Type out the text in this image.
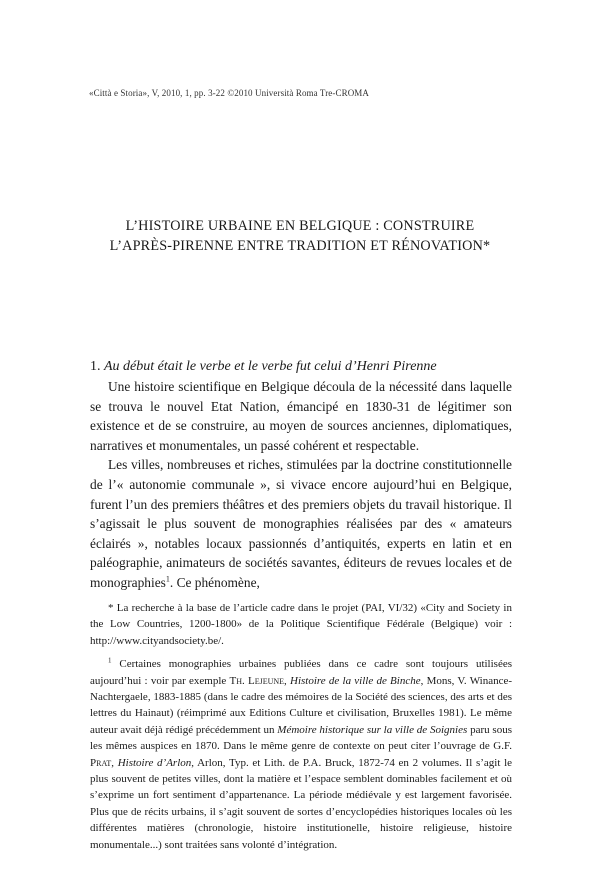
«Città e Storia», V, 2010, 1, pp. 3-22 ©2010 Università Roma Tre-CROMA
L’HISTOIRE URBAINE EN BELGIQUE : CONSTRUIRE
L’APRÈS-PIRENNE ENTRE TRADITION ET RÉNOVATION*
1. Au début était le verbe et le verbe fut celui d’Henri Pirenne

Une histoire scientifique en Belgique découla de la nécessité dans laquelle se trouva le nouvel Etat Nation, émancipé en 1830-31 de légitimer son existence et de se construire, au moyen de sources anciennes, diplomatiques, narratives et monumentales, un passé cohérent et respectable.

Les villes, nombreuses et riches, stimulées par la doctrine constitutionnelle de l’« autonomie communale », si vivace encore aujourd’hui en Belgique, furent l’un des premiers théâtres et des premiers objets du travail historique. Il s’agissait le plus souvent de monographies réalisées par des « amateurs éclairés », notables locaux passionnés d’antiquités, experts en latin et en paléographie, animateurs de sociétés savantes, éditeurs de revues locales et de monographies$^1$. Ce phénomène,

* La recherche à la base de l’article cadre dans le projet (PAI, VI/32) «City and Society in the Low Countries, 1200-1800» de la Politique Scientifique Fédérale (Belgique) voir : http://www.cityandsociety.be/.

$^1$ Certaines monographies urbaines publiées dans ce cadre sont toujours utilisées aujourd’hui : voir par exemple Th. Lejeune, Histoire de la ville de Binche, Mons, V. Winance-Nachtergaele, 1883-1885 (dans le cadre des mémoires de la Société des sciences, des arts et des lettres du Hainaut) (réimprimé aux Editions Culture et civilisation, Bruxelles 1981). Le même auteur avait déjà rédigé précédemment un Mémoire historique sur la ville de Soignies paru sous les mêmes auspices en 1870. Dans le même genre de contexte on peut citer l’ouvrage de G.F. Prat, Histoire d’Arlon, Arlon, Typ. et Lith. de P.A. Bruck, 1872-74 en 2 volumes. Il s’agit le plus souvent de petites villes, dont la matière et l’espace semblent dominables facilement et où s’exprime un fort sentiment d’appartenance. La période médiévale y est largement favorisée. Plus que de récits urbains, il s’agit souvent de sortes d’encyclopédies historiques locales où les différentes matières (chronologie, histoire institutionelle, histoire religieuse, histoire monumentale...) sont traitées sans volonté d’intégration.
